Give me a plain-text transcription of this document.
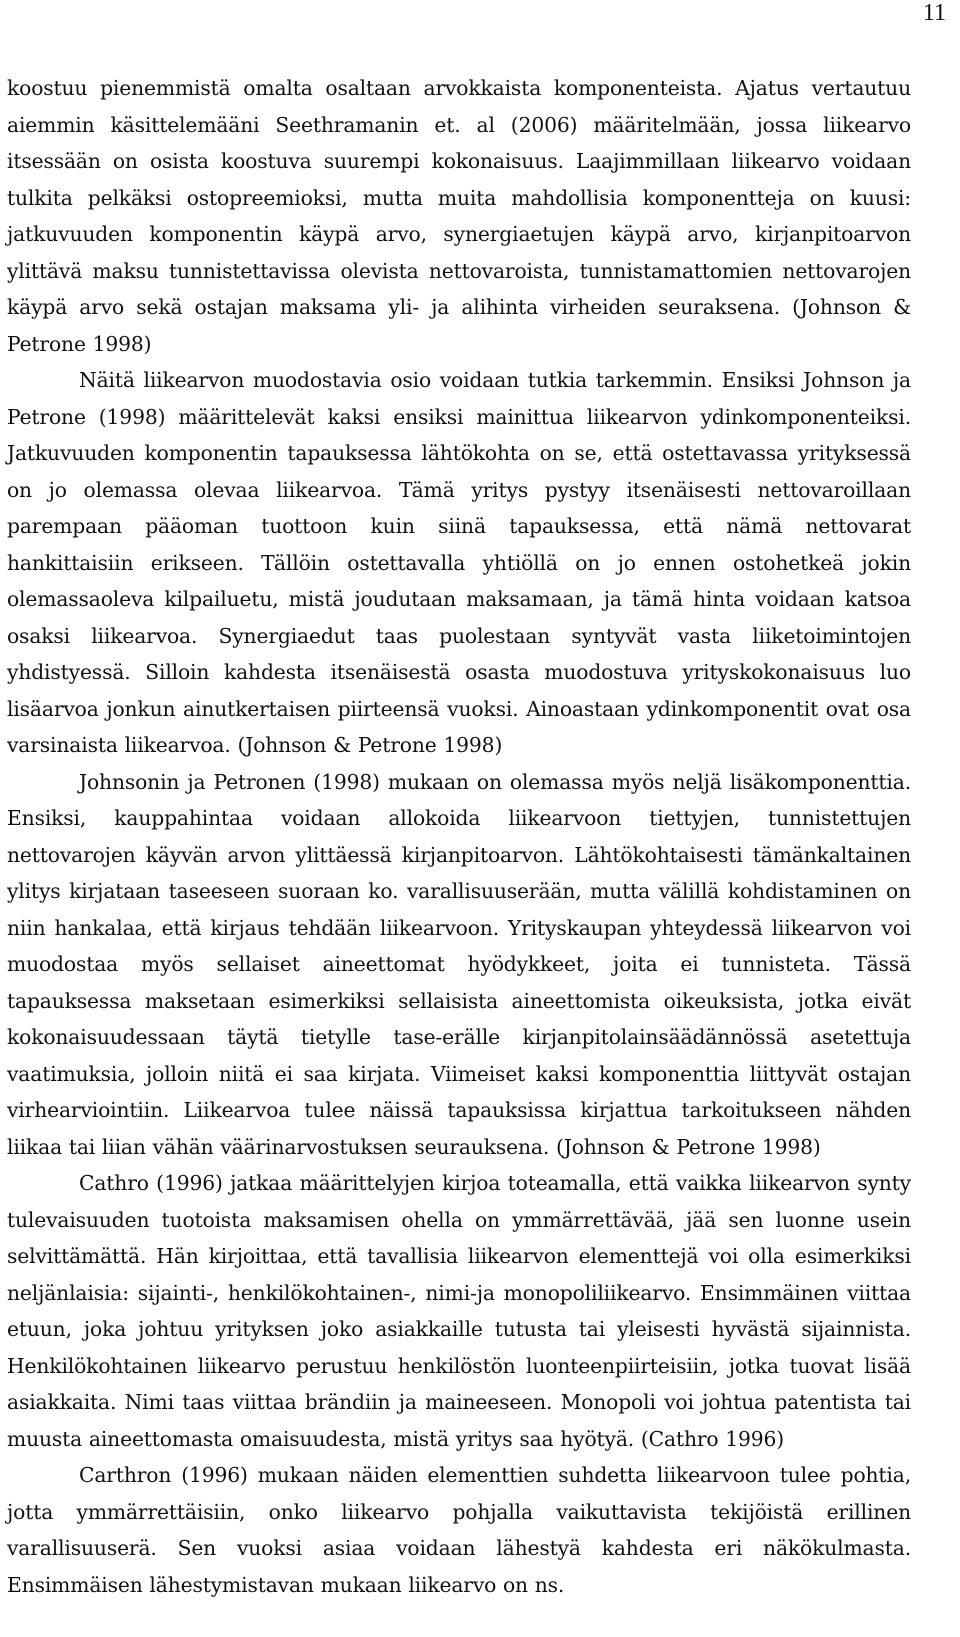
11

koostuu pienemmistä omalta osaltaan arvokkaista komponenteista. Ajatus vertautuu aiemmin käsittelemääni Seethramanin et. al (2006) määritelmään, jossa liikearvo itsessään on osista koostuva suurempi kokonaisuus. Laajimmillaan liikearvo voidaan tulkita pelkäksi ostopreemioksi, mutta muita mahdollisia komponentteja on kuusi: jatkuvuuden komponentin käypä arvo, synergiaetujen käypä arvo, kirjanpitoarvon ylittävä maksu tunnistettavissa olevista nettovaroista, tunnistamattomien nettovarojen käypä arvo sekä ostajan maksama yli- ja alihinta virheiden seuraksena. (Johnson & Petrone 1998)

Näitä liikearvon muodostavia osio voidaan tutkia tarkemmin. Ensiksi Johnson ja Petrone (1998) määrittelevät kaksi ensiksi mainittua liikearvon ydinkomponenteiksi. Jatkuvuuden komponentin tapauksessa lähtökohta on se, että ostettavassa yrityksessä on jo olemassa olevaa liikearvoa. Tämä yritys pystyy itsenäisesti nettovaroillaan parempaan pääoman tuottoon kuin siinä tapauksessa, että nämä nettovarat hankittaisiin erikseen. Tällöin ostettavalla yhtiöllä on jo ennen ostohetkeä jokin olemassaoleva kilpailuetu, mistä joudutaan maksamaan, ja tämä hinta voidaan katsoa osaksi liikearvoa. Synergiaedut taas puolestaan syntyvät vasta liiketoimintojen yhdistyessä. Silloin kahdesta itsenäisestä osasta muodostuva yrityskokonaisuus luo lisäarvoa jonkun ainutkertaisen piirteensä vuoksi. Ainoastaan ydinkomponentit ovat osa varsinaista liikearvoa. (Johnson & Petrone 1998)

Johnsonin ja Petronen (1998) mukaan on olemassa myös neljä lisäkomponenttia. Ensiksi, kauppahintaa voidaan allokoida liikearvoon tiettyjen, tunnistettujen nettovarojen käyvän arvon ylittäessä kirjanpitoarvon. Lähtökohtaisesti tämänkaltainen ylitys kirjataan taseeseen suoraan ko. varallisuuserään, mutta välillä kohdistaminen on niin hankalaa, että kirjaus tehdään liikearvoon. Yrityskaupan yhteydessä liikearvon voi muodostaa myös sellaiset aineettomat hyödykkeet, joita ei tunnisteta. Tässä tapauksessa maksetaan esimerkiksi sellaisista aineettomista oikeuksista, jotka eivät kokonaisuudessaan täytä tietylle tase-erälle kirjanpitolainsäädännössä asetettuja vaatimuksia, jolloin niitä ei saa kirjata. Viimeiset kaksi komponenttia liittyvät ostajan virhearviointiin. Liikearvoa tulee näissä tapauksissa kirjattua tarkoitukseen nähden liikaa tai liian vähän väärinarvostuksen seurauksena. (Johnson & Petrone 1998)

Cathro (1996) jatkaa määrittelyjen kirjoa toteamalla, että vaikka liikearvon synty tulevaisuuden tuotoista maksamisen ohella on ymmärrettävää, jää sen luonne usein selvittämättä. Hän kirjoittaa, että tavallisia liikearvon elementtejä voi olla esimerkiksi neljänlaisia: sijainti-, henkilökohtainen-, nimi-ja monopoliliikearvo. Ensimmäinen viittaa etuun, joka johtuu yrityksen joko asiakkaille tutusta tai yleisesti hyvästä sijainnista. Henkilökohtainen liikearvo perustuu henkilöstön luonteenpiirteisiin, jotka tuovat lisää asiakkaita. Nimi taas viittaa brändiin ja maineeseen. Monopoli voi johtua patentista tai muusta aineettomasta omaisuudesta, mistä yritys saa hyötyä. (Cathro 1996)

Carthron (1996) mukaan näiden elementtien suhdetta liikearvoon tulee pohtia, jotta ymmärrettäisiin, onko liikearvo pohjalla vaikuttavista tekijöistä erillinen varallisuuserä. Sen vuoksi asiaa voidaan lähestyä kahdesta eri näkökulmasta. Ensimmäisen lähestymistavan mukaan liikearvo on ns.
